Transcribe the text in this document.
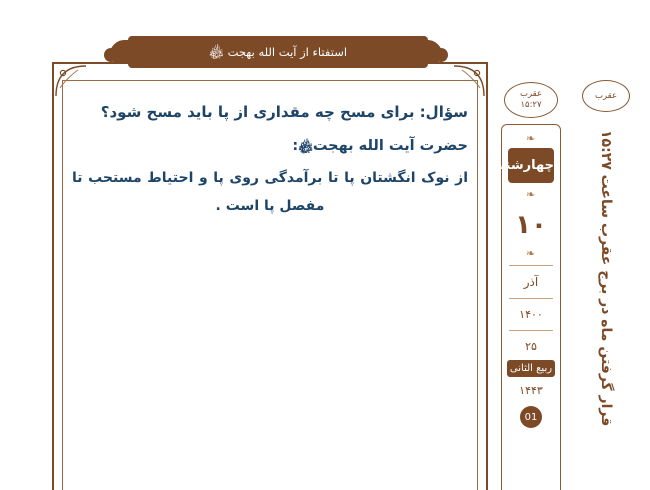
استفتاء از آیت الله بهجت
﷾

سؤال: برای مسح چه مقداری از پا باید مسح شود؟

حضرت آیت الله بهجت﷾:

از نوک انگشتان پا تا برآمدگی روی پا و احتیاط مستحب تا مفصل پا است .

عقرب
۱۵:۲۷
❧
چهارشنبه
❧
۱۰
❧
آذر
۱۴۰۰
۲۵
ربیع الثانی
۱۴۴۳
01
عقرب
قرار گرفتن ماه در برج عقرب ساعت ۱۵:۲۷
